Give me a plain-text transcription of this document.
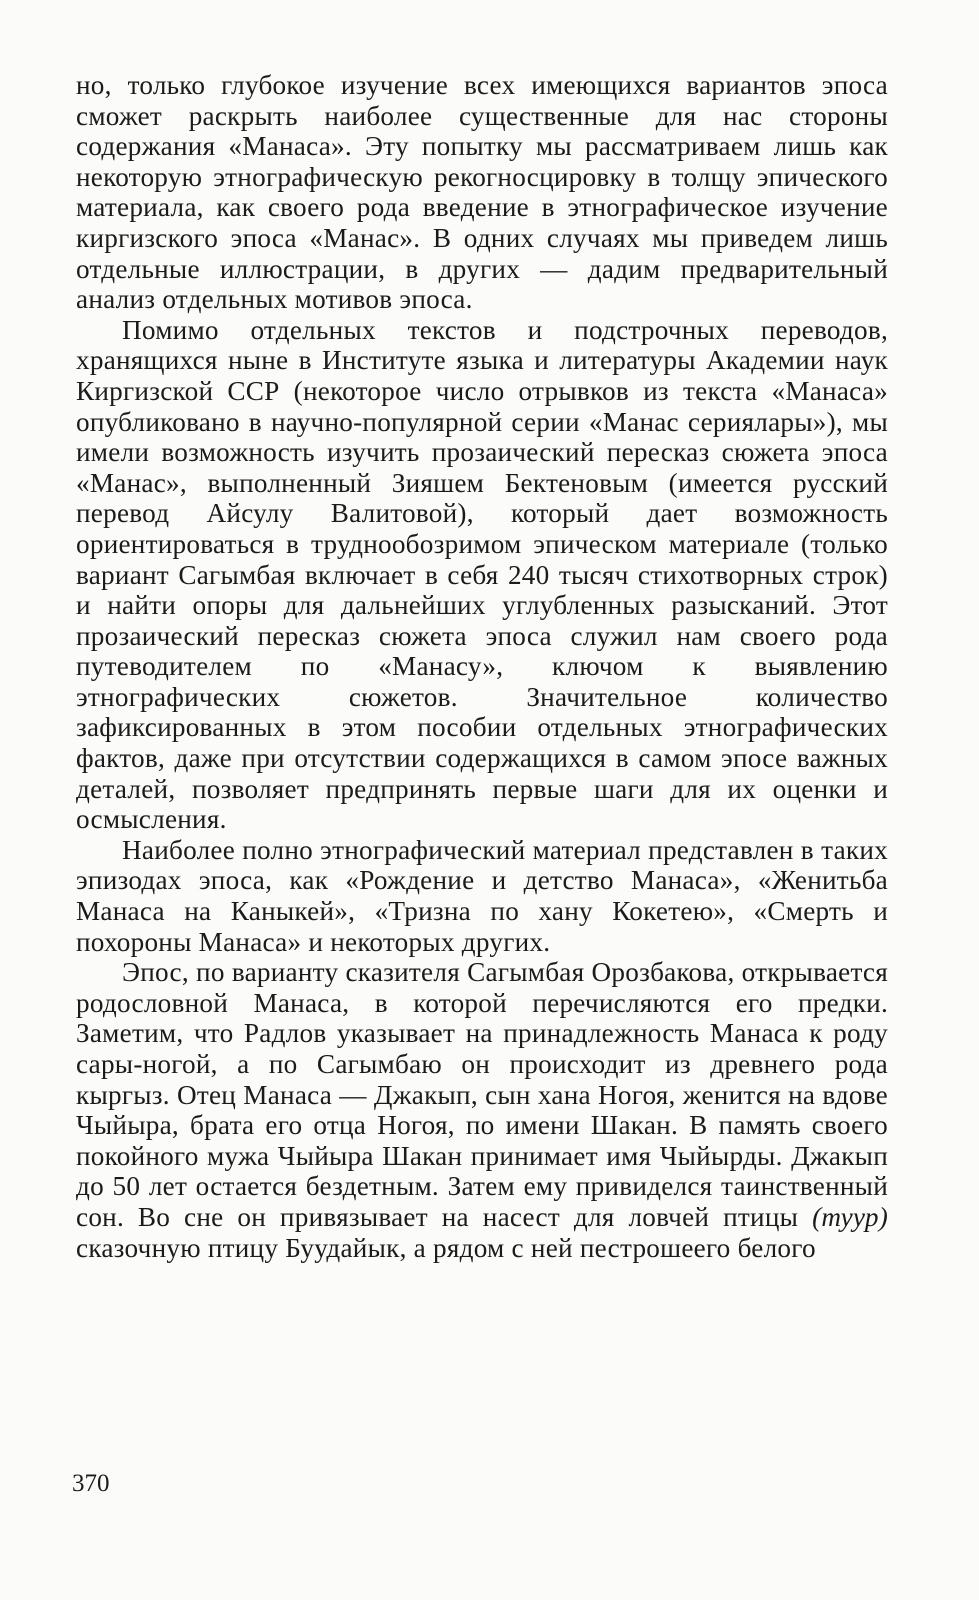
но, только глубокое изучение всех имеющихся вариантов эпоса сможет раскрыть наиболее существенные для нас стороны содержания «Манаса». Эту попытку мы рассматриваем лишь как некоторую этнографическую рекогносцировку в толщу эпического материала, как своего рода введение в этнографическое изучение киргизского эпоса «Манас». В одних случаях мы приведем лишь отдельные иллюстрации, в других — дадим предварительный анализ отдельных мотивов эпоса.

Помимо отдельных текстов и подстрочных переводов, хранящихся ныне в Институте языка и литературы Академии наук Киргизской ССР (некоторое число отрывков из текста «Манаса» опубликовано в научно-популярной серии «Манас сериялары»), мы имели возможность изучить прозаический пересказ сюжета эпоса «Манас», выполненный Зияшем Бектеновым (имеется русский перевод Айсулу Валитовой), который дает возможность ориентироваться в труднообозримом эпическом материале (только вариант Сагымбая включает в себя 240 тысяч стихотворных строк) и найти опоры для дальнейших углубленных разысканий. Этот прозаический пересказ сюжета эпоса служил нам своего рода путеводителем по «Манасу», ключом к выявлению этнографических сюжетов. Значительное количество зафиксированных в этом пособии отдельных этнографических фактов, даже при отсутствии содержащихся в самом эпосе важных деталей, позволяет предпринять первые шаги для их оценки и осмысления.

Наиболее полно этнографический материал представлен в таких эпизодах эпоса, как «Рождение и детство Манаса», «Женитьба Манаса на Каныкей», «Тризна по хану Кокетею», «Смерть и похороны Манаса» и некоторых других.

Эпос, по варианту сказителя Сагымбая Орозбакова, открывается родословной Манаса, в которой перечисляются его предки. Заметим, что Радлов указывает на принадлежность Манаса к роду сары-ногой, а по Сагымбаю он происходит из древнего рода кыргыз. Отец Манаса — Джакып, сын хана Ногоя, женится на вдове Чыйыра, брата его отца Ногоя, по имени Шакан. В память своего покойного мужа Чыйыра Шакан принимает имя Чыйырды. Джакып до 50 лет остается бездетным. Затем ему привиделся таинственный сон. Во сне он привязывает на насест для ловчей птицы (туур) сказочную птицу Буудайык, а рядом с ней пестрошеего белого

370
